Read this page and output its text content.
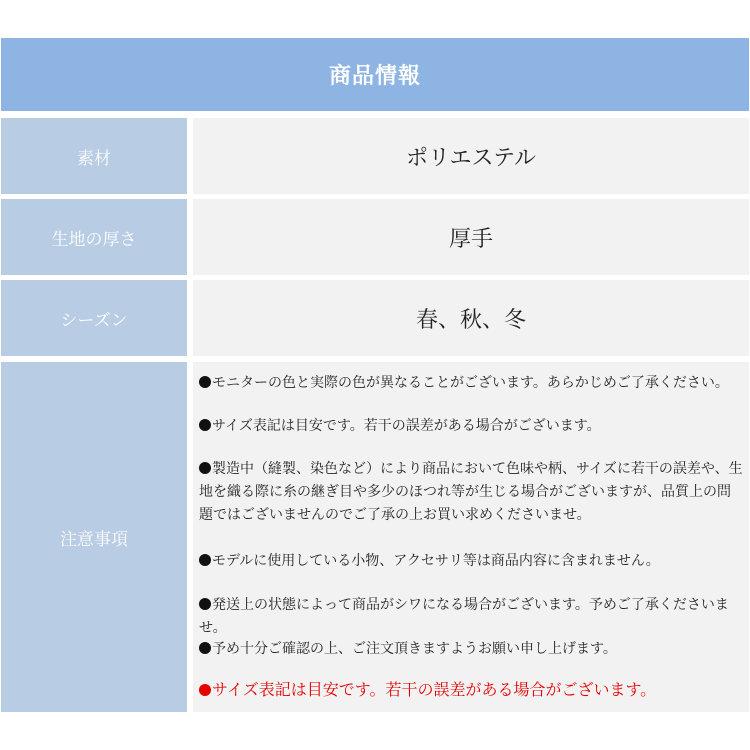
商品情報
素材	ポリエステル
生地の厚さ	厚手
シーズン	春、秋、冬
注意事項
モニターの色と実際の色が異なることがございます。あらかじめご了承ください。
サイズ表記は目安です。若干の誤差がある場合がございます。
製造中（縫製、染色など）により商品において色味や柄、サイズに若干の誤差や、生地を織る際に糸の継ぎ目や多少のほつれ等が生じる場合がございますが、品質上の問題ではございませんのでご了承の上お買い求めくださいませ。
モデルに使用している小物、アクセサリ等は商品内容に含まれません。
発送上の状態によって商品がシワになる場合がございます。予めご了承くださいませ。
予め十分ご確認の上、ご注文頂きますようお願い申し上げます。
サイズ表記は目安です。若干の誤差がある場合がございます。
